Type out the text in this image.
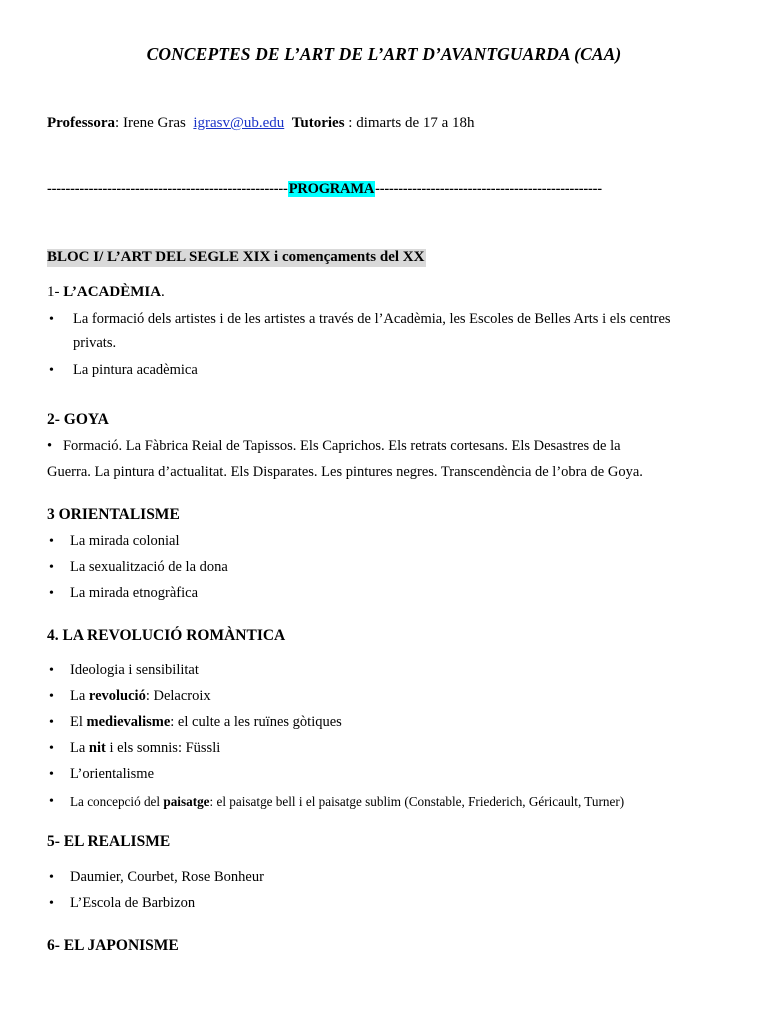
CONCEPTES DE L’ART DE L’ART D’AVANTGUARDA (CAA)
Professora: Irene Gras igrasv@ub.edu Tutories : dimarts de 17 a 18h
----------------------------------------------------PROGRAMA-------------------------------------------------
BLOC I/ L’ART DEL SEGLE XIX i començaments del XX
1- L’ACADÈMIA.
• La formació dels artistes i de les artistes a través de l’Acadèmia, les Escoles de Belles Arts i els centres
privats.
• La pintura acadèmica
2- GOYA
• Formació. La Fàbrica Reial de Tapissos. Els Caprichos. Els retrats cortesans. Els Desastres de la
Guerra. La pintura d’actualitat. Els Disparates. Les pintures negres. Transcendència de l’obra de Goya.
3 ORIENTALISME
• La mirada colonial
• La sexualització de la dona
• La mirada etnogràfica
4. LA REVOLUCIÓ ROMÀNTICA
• Ideologia i sensibilitat
• La revolució: Delacroix
• El medievalisme: el culte a les ruïnes gòtiques
• La nit i els somnis: Füssli
• L’orientalisme
• La concepció del paisatge: el paisatge bell i el paisatge sublim (Constable, Friederich, Géricault, Turner)
5- EL REALISME
• Daumier, Courbet, Rose Bonheur
• L’Escola de Barbizon
6- EL JAPONISME
